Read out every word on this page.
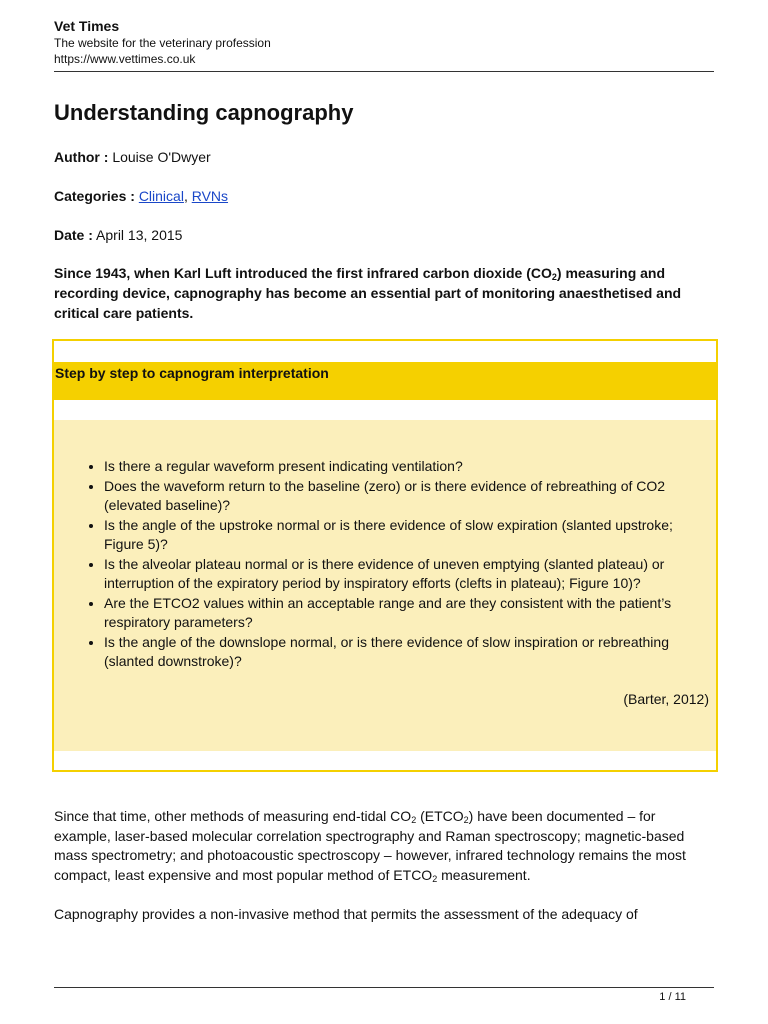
Vet Times
The website for the veterinary profession
https://www.vettimes.co.uk
Understanding capnography
Author : Louise O'Dwyer
Categories : Clinical, RVNs
Date : April 13, 2015

Since 1943, when Karl Luft introduced the first infrared carbon dioxide $(CO_2)$ measuring and recording device, capnography has become an essential part of monitoring anaesthetised and critical care patients.

Step by step to capnogram interpretation
• Is there a regular waveform present indicating ventilation?
• Does the waveform return to the baseline (zero) or is there evidence of rebreathing of CO2 (elevated baseline)?
• Is the angle of the upstroke normal or is there evidence of slow expiration (slanted upstroke; Figure 5)?
• Is the alveolar plateau normal or is there evidence of uneven emptying (slanted plateau) or interruption of the expiratory period by inspiratory efforts (clefts in plateau); Figure 10)?
• Are the ETCO2 values within an acceptable range and are they consistent with the patient’s respiratory parameters?
• Is the angle of the downslope normal, or is there evidence of slow inspiration or rebreathing (slanted downstroke)?
(Barter, 2012)

Since that time, other methods of measuring end-tidal $CO_2$ $(ETCO_2)$ have been documented – for example, laser-based molecular correlation spectrography and Raman spectroscopy; magnetic-based mass spectrometry; and photoacoustic spectroscopy – however, infrared technology remains the most compact, least expensive and most popular method of $ETCO_2$ measurement.

Capnography provides a non-invasive method that permits the assessment of the adequacy of

1 / 11
